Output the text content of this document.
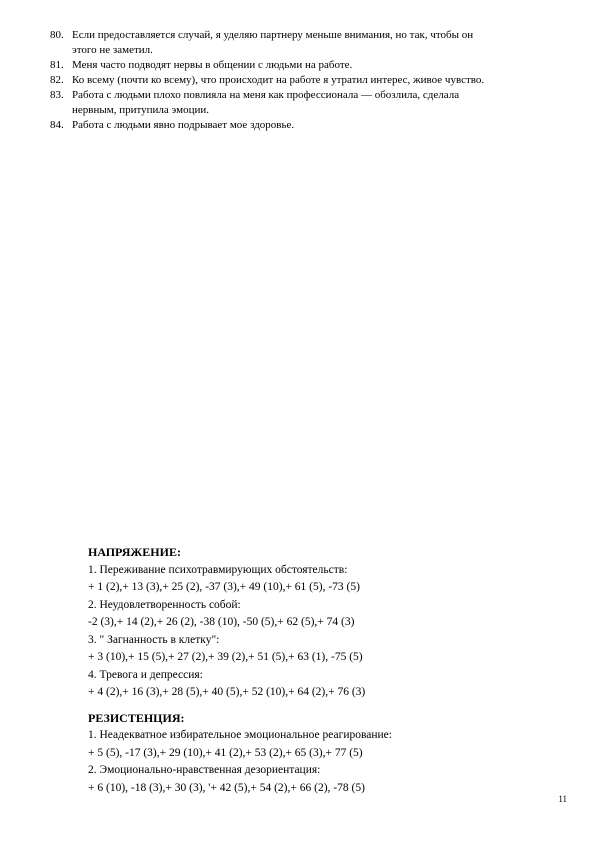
80. Если предоставляется случай, я уделяю партнеру меньше внимания, но так, чтобы он
этого не заметил.
81. Меня часто подводят нервы в общении с людьми на работе.
82. Ко всему (почти ко всему), что происходит на работе я утратил интерес, живое чувство.
83. Работа с людьми плохо повлияла на меня как профессионала — обозлила, сделала
нервным, притупила эмоции.
84. Работа с людьми явно подрывает мое здоровье.
НАПРЯЖЕНИЕ:
1. Переживание психотравмирующих обстоятельств:
+ 1 (2),+ 13 (3),+ 25 (2), -37 (3),+ 49 (10),+ 61 (5), -73 (5)
2. Неудовлетворенность собой:
-2 (3),+ 14 (2),+ 26 (2), -38 (10), -50 (5),+ 62 (5),+ 74 (3)
3. " Загнанность в клетку":
+ 3 (10),+ 15 (5),+ 27 (2),+ 39 (2),+ 51 (5),+ 63 (1), -75 (5)
4. Тревога и депрессия:
+ 4 (2),+ 16 (3),+ 28 (5),+ 40 (5),+ 52 (10),+ 64 (2),+ 76 (3)
РЕЗИСТЕНЦИЯ:
1. Неадекватное избирательное эмоциональное реагирование:
+ 5 (5), -17 (3),+ 29 (10),+ 41 (2),+ 53 (2),+ 65 (3),+ 77 (5)
2. Эмоционально-нравственная дезориентация:
+ 6 (10), -18 (3),+ 30 (3), '+ 42 (5),+ 54 (2),+ 66 (2), -78 (5)
11
